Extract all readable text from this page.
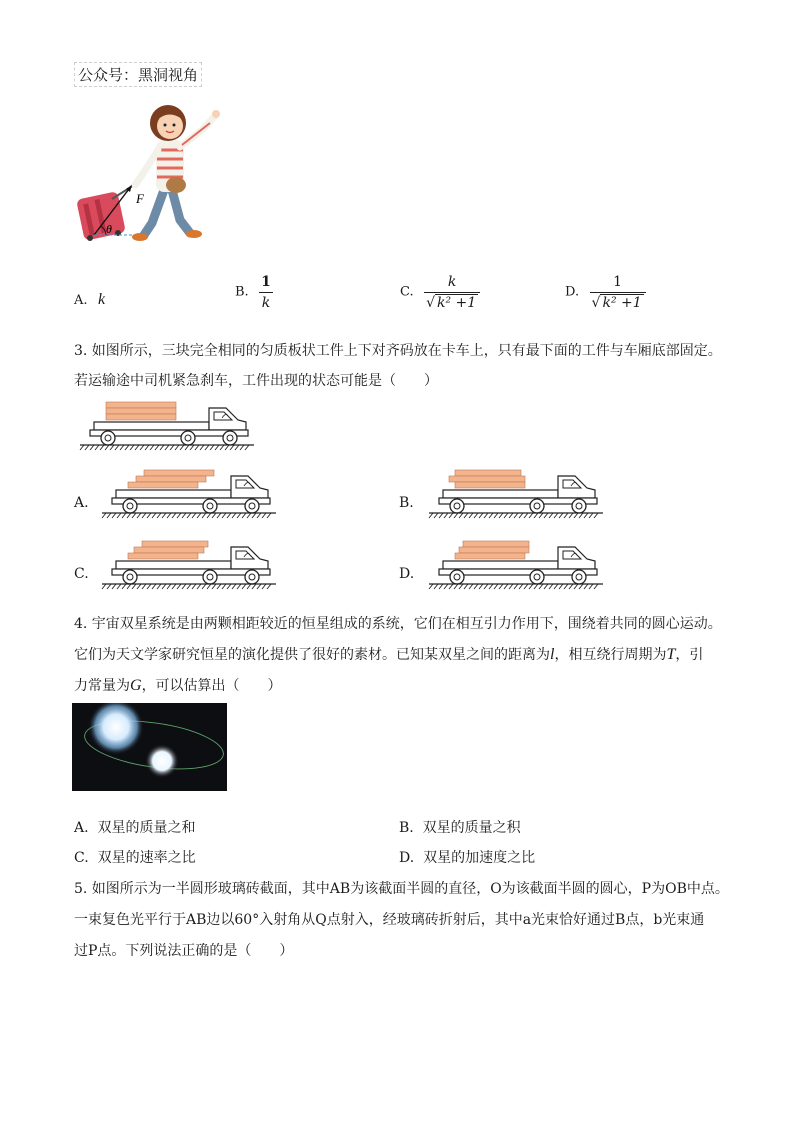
公众号：黑洞视角
F
θ
A. k	B. $\frac{1}{k}$	C. $\frac{k}{\text{√ k² +1}}$	D. $\frac{1}{\text{√ k² +1}}$
3. 如图所示，三块完全相同的匀质板状工件上下对齐码放在卡车上，只有最下面的工件与车厢底部固定。
若运输途中司机紧急刹车，工件出现的状态可能是（　　）
A.	B.
C.	D.
4. 宇宙双星系统是由两颗相距较近的恒星组成的系统，它们在相互引力作用下，围绕着共同的圆心运动。
它们为天文学家研究恒星的演化提供了很好的素材。已知某双星之间的距离为l，相互绕行周期为T，引
力常量为G，可以估算出（　　）
A. 双星的质量之和	B. 双星的质量之积
C. 双星的速率之比	D. 双星的加速度之比
5. 如图所示为一半圆形玻璃砖截面，其中AB为该截面半圆的直径，O为该截面半圆的圆心，P为OB中点。
一束复色光平行于AB边以60°入射角从Q点射入，经玻璃砖折射后，其中a光束恰好通过B点，b光束通
过P点。下列说法正确的是（　　）
